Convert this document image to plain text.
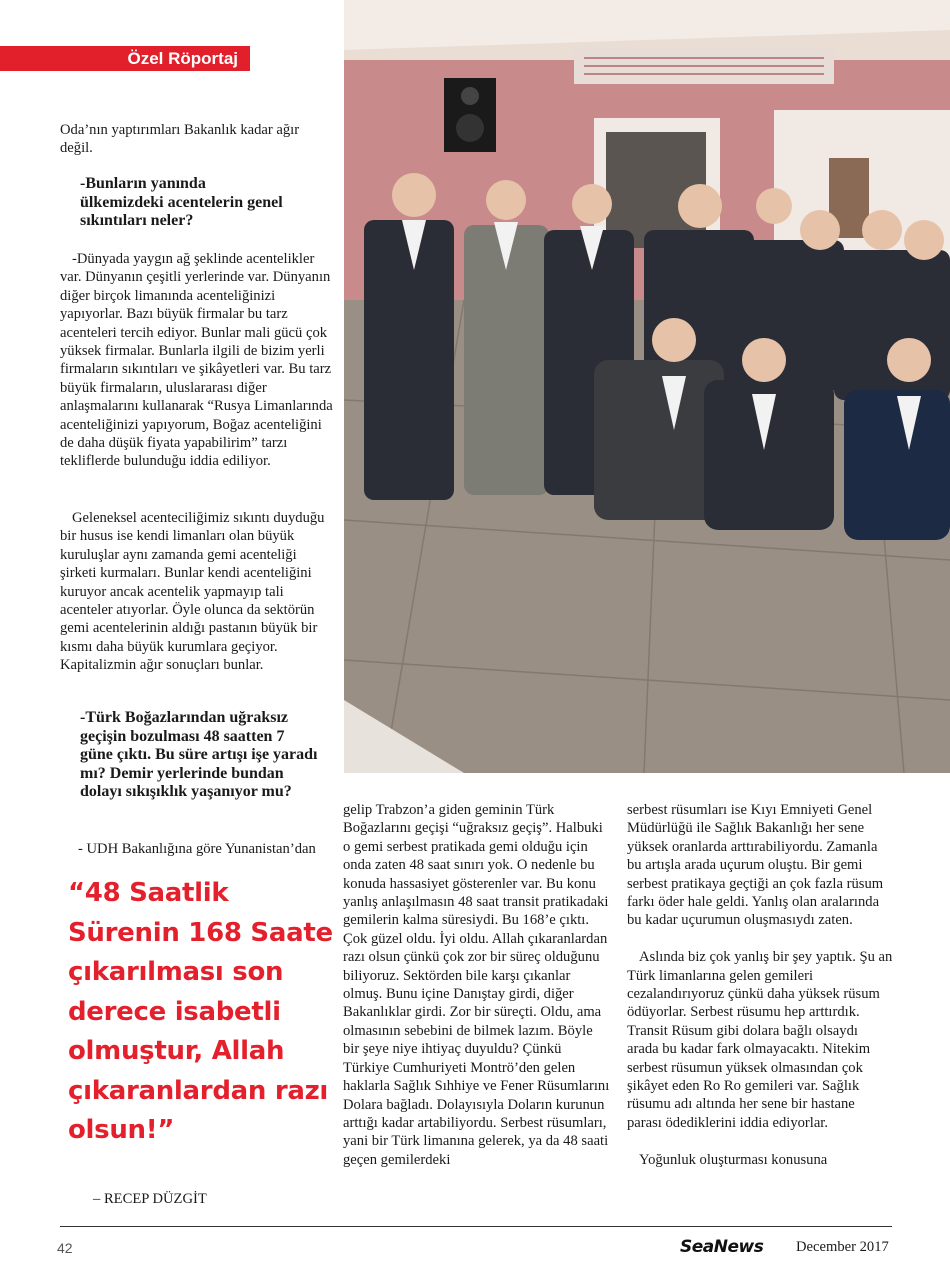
Özel Röportaj

Oda’nın yaptırımları Bakanlık kadar ağır değil.

-Bunların yanında ülkemizdeki acentelerin genel sıkıntıları neler?

-Dünyada yaygın ağ şeklinde acentelikler var. Dünyanın çeşitli yerlerinde var. Dünyanın diğer birçok limanında acenteliğinizi yapıyorlar. Bazı büyük firmalar bu tarz acenteleri tercih ediyor. Bunlar mali gücü çok yüksek firmalar. Bunlarla ilgili de bizim yerli firmaların sıkıntıları ve şikâyetleri var. Bu tarz büyük firmaların, uluslararası diğer anlaşmalarını kullanarak “Rusya Limanlarında acenteliğinizi yapıyorum, Boğaz acenteliğini de daha düşük fiyata yapabilirim” tarzı tekliflerde bulunduğu iddia ediliyor.

Geleneksel acenteciliğimiz sıkıntı duyduğu bir husus ise kendi limanları olan büyük kuruluşlar aynı zamanda gemi acenteliği şirketi kurmaları. Bunlar kendi acenteliğini kuruyor ancak acentelik yapmayıp tali acenteler atıyorlar. Öyle olunca da sektörün gemi acentelerinin aldığı pastanın büyük bir kısmı daha büyük kurumlara geçiyor. Kapitalizmin ağır sonuçları bunlar.

-Türk Boğazlarından uğraksız geçişin bozulması 48 saatten 7 güne çıktı. Bu süre artışı işe yaradı mı? Demir yerlerinde bundan dolayı sıkışıklık yaşanıyor mu?

- UDH Bakanlığına göre Yunanistan’dan

“48 Saatlik Sürenin 168 Saate çıkarılması son derece isabetli olmuştur, Allah çıkaranlardan razı olsun!”
– RECEP DÜZGİT

gelip Trabzon’a giden geminin Türk Boğazlarını geçişi “uğraksız geçiş”. Halbuki o gemi serbest pratikada gemi olduğu için onda zaten 48 saat sınırı yok. O nedenle bu konuda hassasiyet gösterenler var. Bu konu yanlış anlaşılmasın 48 saat transit pratikadaki gemilerin kalma süresiydi. Bu 168’e çıktı. Çok güzel oldu. İyi oldu. Allah çıkaranlardan razı olsun çünkü çok zor bir süreç olduğunu biliyoruz. Sektörden bile karşı çıkanlar olmuş. Bunu içine Danıştay girdi, diğer Bakanlıklar girdi. Zor bir süreçti. Oldu, ama olmasının sebebini de bilmek lazım. Böyle bir şeye niye ihtiyaç duyuldu? Çünkü Türkiye Cumhuriyeti Montrö’den gelen haklarla Sağlık Sıhhiye ve Fener Rüsumlarını Dolara bağladı. Dolayısıyla Doların kurunun arttığı kadar artabiliyordu. Serbest rüsumları, yani bir Türk limanına gelerek, ya da 48 saati geçen gemilerdeki

serbest rüsumları ise Kıyı Emniyeti Genel Müdürlüğü ile Sağlık Bakanlığı her sene yüksek oranlarda arttırabiliyordu. Zamanla bu artışla arada uçurum oluştu. Bir gemi serbest pratikaya geçtiği an çok fazla rüsum farkı öder hale geldi. Yanlış olan aralarında bu kadar uçurumun oluşmasıydı zaten.

Aslında biz çok yanlış bir şey yaptık. Şu an Türk limanlarına gelen gemileri cezalandırıyoruz çünkü daha yüksek rüsum ödüyorlar. Serbest rüsumu hep arttırdık. Transit Rüsum gibi dolara bağlı olsaydı arada bu kadar fark olmayacaktı. Nitekim serbest rüsumun yüksek olmasından çok şikâyet eden Ro Ro gemileri var. Sağlık rüsumu adı altında her sene bir hastane parası ödediklerini iddia ediyorlar.

Yoğunluk oluşturması konusuna

42	SeaNews December 2017
